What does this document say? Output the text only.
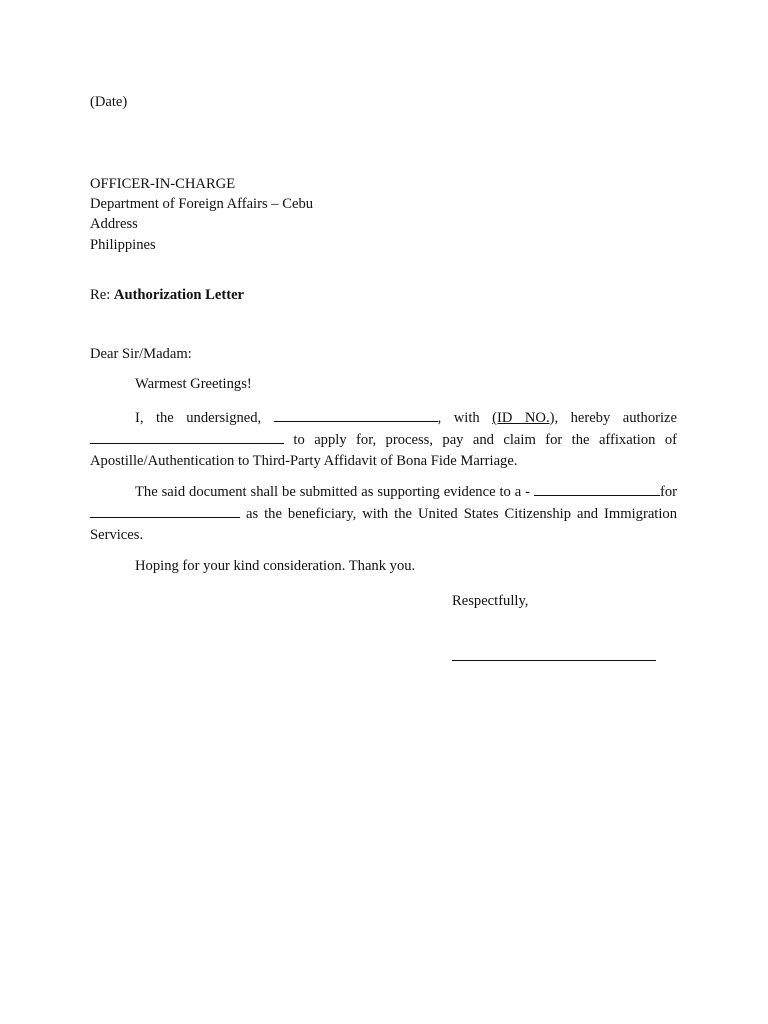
(Date)
OFFICER-IN-CHARGE
Department of Foreign Affairs – Cebu
Address
Philippines
Re: Authorization Letter
Dear Sir/Madam:
Warmest Greetings!
I, the undersigned,	, with (ID NO.), hereby authorize  to apply for, process, pay and claim for the affixation of Apostille/Authentication to Third-Party Affidavit of Bona Fide Marriage.
The said document shall be submitted as supporting evidence to a -	for  as the beneficiary, with the United States Citizenship and Immigration Services.
Hoping for your kind consideration. Thank you.
Respectfully,
